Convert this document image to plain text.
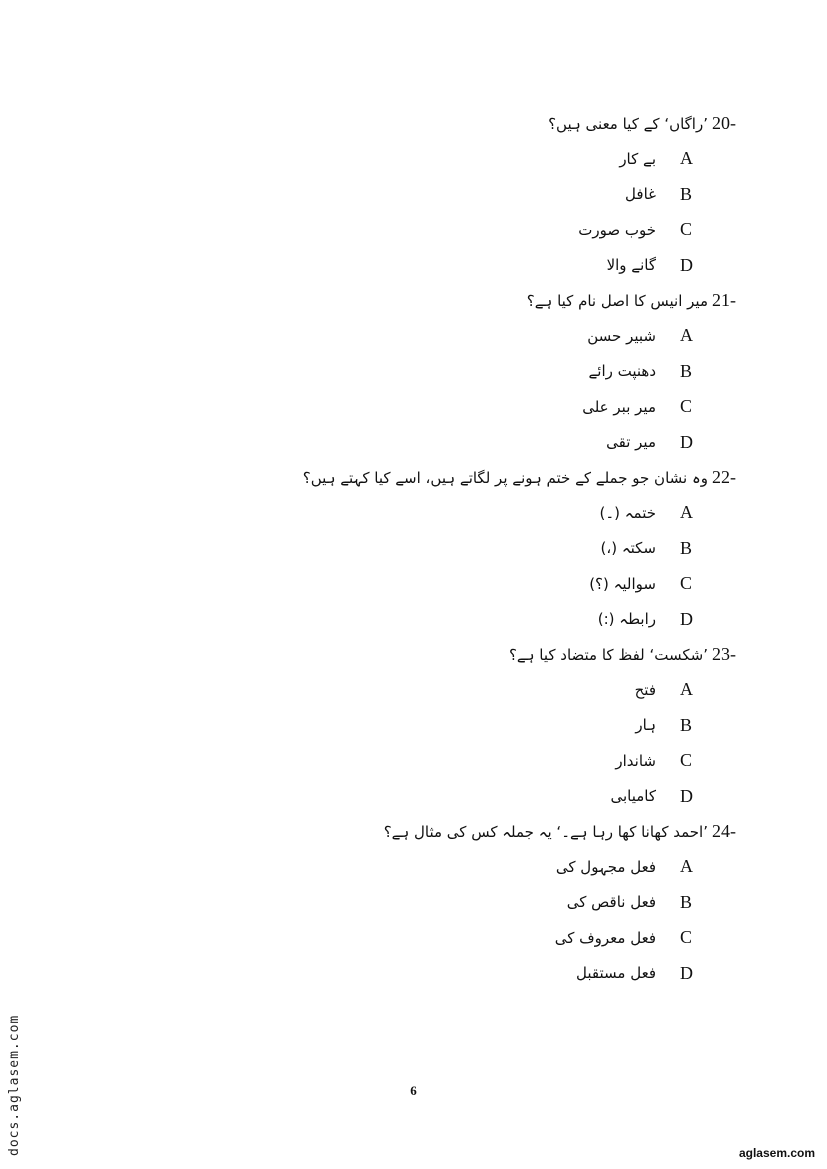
’راگاں‘ کے کیا معنی ہیں؟ 20-
بے کار A
غافل B
خوب صورت C
گانے والا D
میر انیس کا اصل نام کیا ہے؟ 21-
شبیر حسن A
دھنپت رائے B
میر ببر علی C
میر تقی D
وہ نشان جو جملے کے ختم ہونے پر لگاتے ہیں، اسے کیا کہتے ہیں؟ 22-
ختمہ (۔) A
سکتہ (،) B
سوالیہ (؟) C
رابطہ (:) D
’شکست‘ لفظ کا متضاد کیا ہے؟ 23-
فتح A
ہار B
شاندار C
کامیابی D
’احمد کھانا کھا رہا ہے۔‘ یہ جملہ کس کی مثال ہے؟ 24-
فعل مجہول کی A
فعل ناقص کی B
فعل معروف کی C
فعل مستقبل D
6
docs.aglasem.com	aglasem.com
